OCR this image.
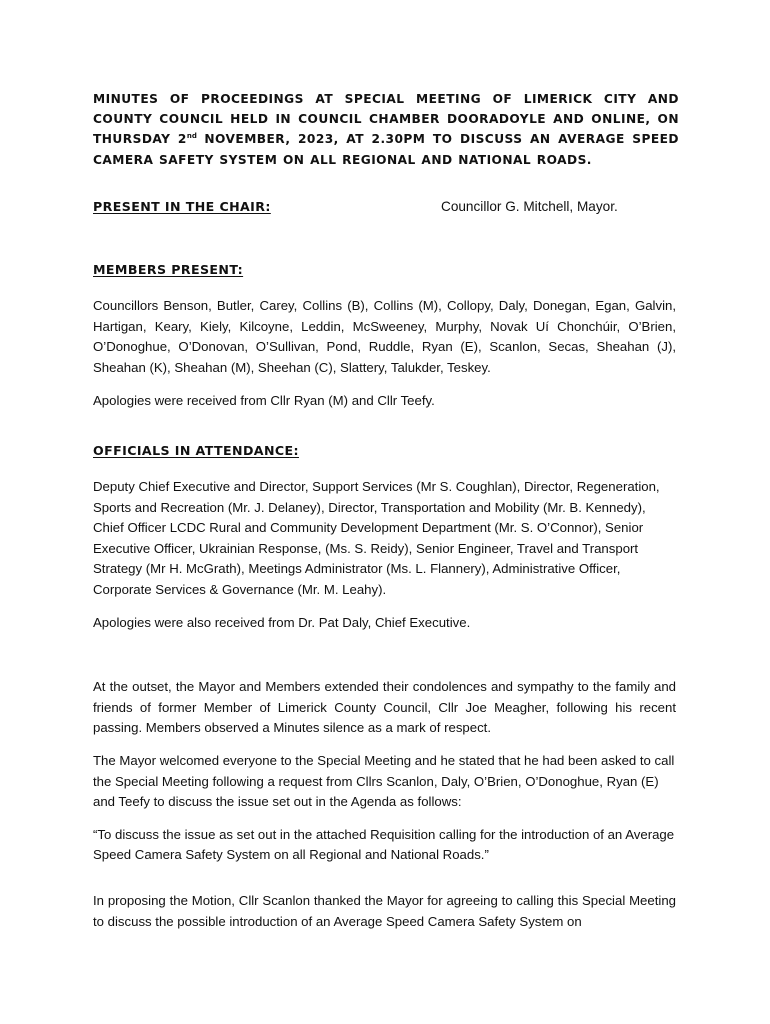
MINUTES OF PROCEEDINGS AT SPECIAL MEETING OF LIMERICK CITY AND COUNTY COUNCIL HELD IN COUNCIL CHAMBER DOORADOYLE AND ONLINE, ON THURSDAY 2nd NOVEMBER, 2023, AT 2.30PM TO DISCUSS AN AVERAGE SPEED CAMERA SAFETY SYSTEM ON ALL REGIONAL AND NATIONAL ROADS.

PRESENT IN THE CHAIR:	Councillor G. Mitchell, Mayor.

MEMBERS PRESENT:

Councillors Benson, Butler, Carey, Collins (B), Collins (M), Collopy, Daly, Donegan, Egan, Galvin, Hartigan, Keary, Kiely, Kilcoyne, Leddin, McSweeney, Murphy, Novak Uí Chonchúir, O’Brien, O’Donoghue, O’Donovan, O’Sullivan, Pond, Ruddle, Ryan (E), Scanlon, Secas, Sheahan (J), Sheahan (K), Sheahan (M), Sheehan (C), Slattery, Talukder, Teskey.

Apologies were received from Cllr Ryan (M) and Cllr Teefy.

OFFICIALS IN ATTENDANCE:

Deputy Chief Executive and Director, Support Services (Mr S. Coughlan), Director, Regeneration, Sports and Recreation (Mr. J. Delaney), Director, Transportation and Mobility (Mr. B. Kennedy), Chief Officer LCDC Rural and Community Development Department (Mr. S. O’Connor), Senior Executive Officer, Ukrainian Response, (Ms. S. Reidy), Senior Engineer, Travel and Transport Strategy (Mr H. McGrath), Meetings Administrator (Ms. L. Flannery), Administrative Officer, Corporate Services & Governance (Mr. M. Leahy).

Apologies were also received from Dr. Pat Daly, Chief Executive.

At the outset, the Mayor and Members extended their condolences and sympathy to the family and friends of former Member of Limerick County Council, Cllr Joe Meagher, following his recent passing. Members observed a Minutes silence as a mark of respect.

The Mayor welcomed everyone to the Special Meeting and he stated that he had been asked to call the Special Meeting following a request from Cllrs Scanlon, Daly, O’Brien, O’Donoghue, Ryan (E) and Teefy to discuss the issue set out in the Agenda as follows:

“To discuss the issue as set out in the attached Requisition calling for the introduction of an Average Speed Camera Safety System on all Regional and National Roads.”

In proposing the Motion, Cllr Scanlon thanked the Mayor for agreeing to calling this Special Meeting to discuss the possible introduction of an Average Speed Camera Safety System on
